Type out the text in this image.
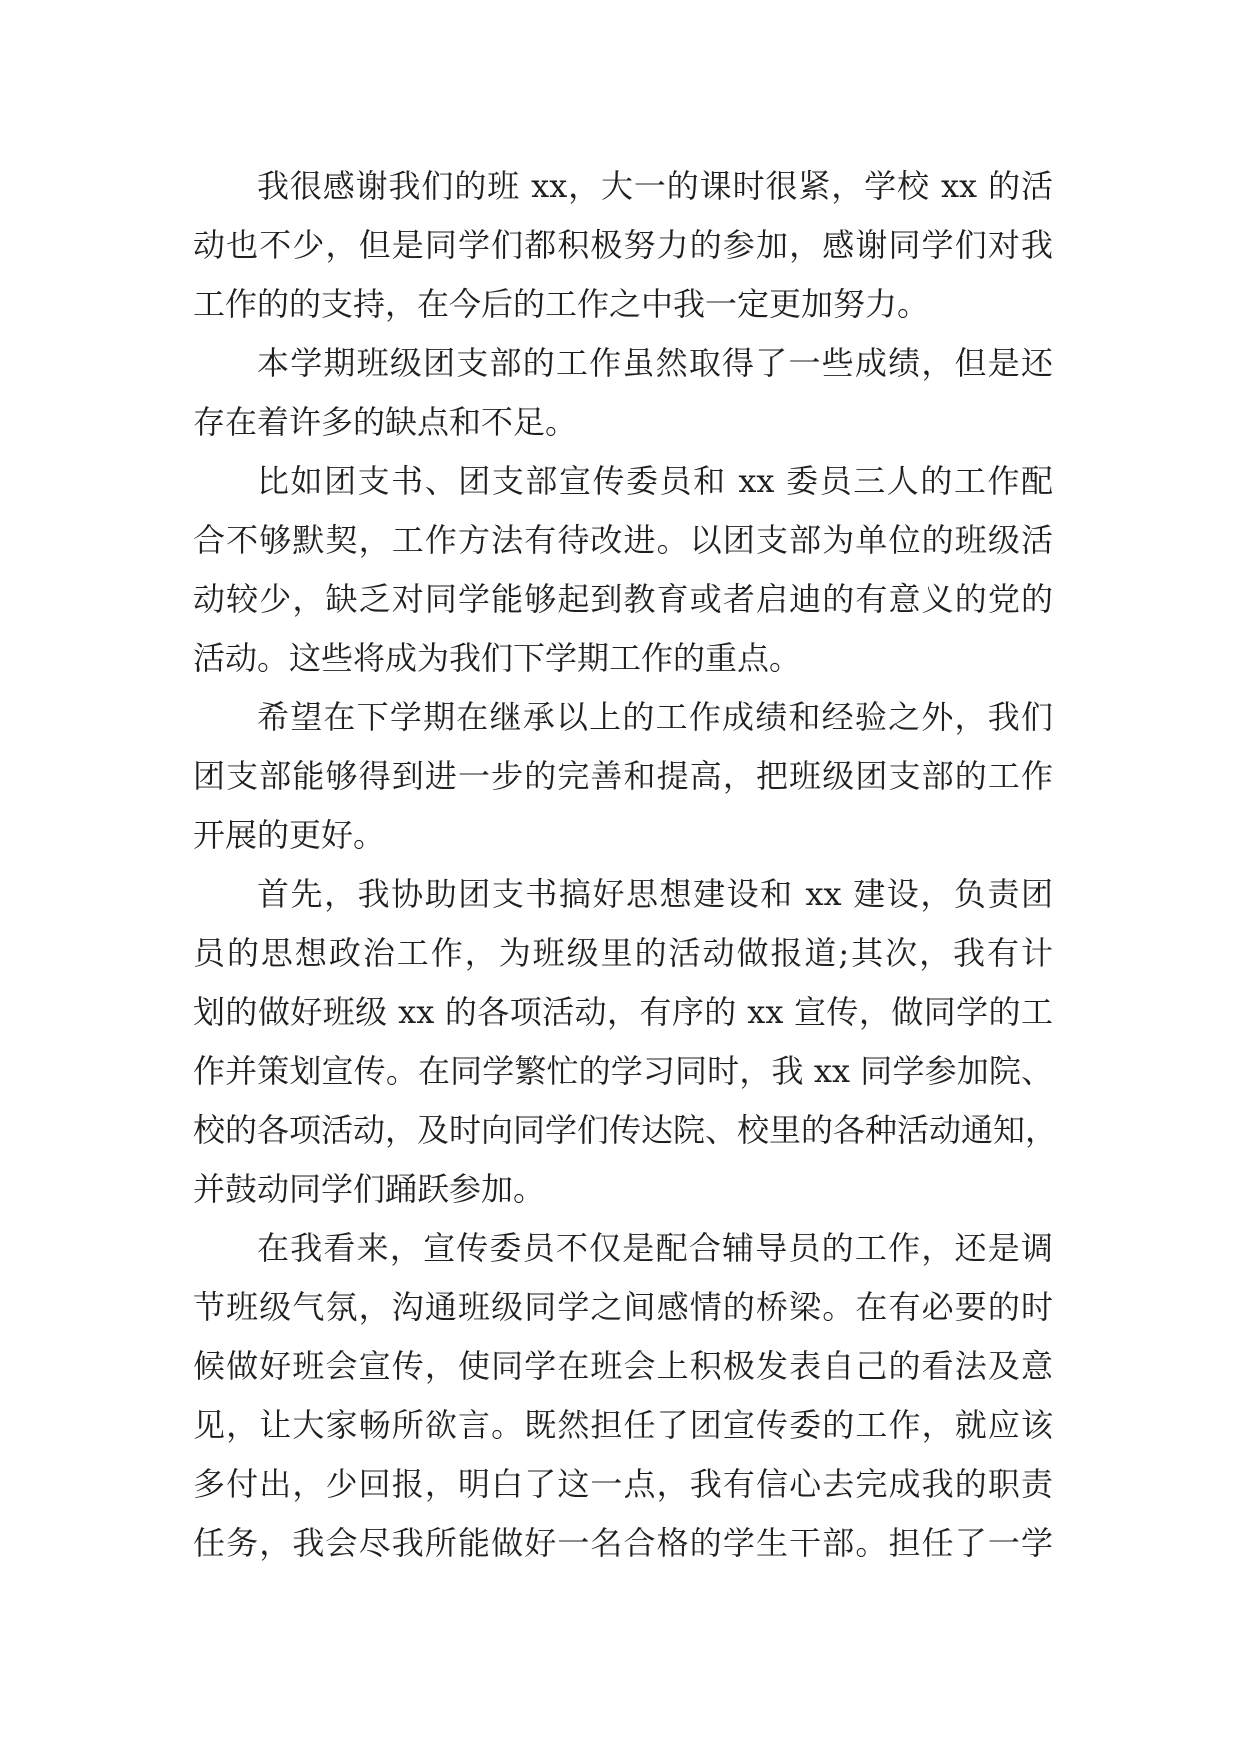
我很感谢我们的班 xx，大一的课时很紧，学校 xx 的活
动也不少，但是同学们都积极努力的参加，感谢同学们对我
工作的的支持，在今后的工作之中我一定更加努力。
本学期班级团支部的工作虽然取得了一些成绩，但是还
存在着许多的缺点和不足。
比如团支书、团支部宣传委员和 xx 委员三人的工作配
合不够默契，工作方法有待改进。以团支部为单位的班级活
动较少，缺乏对同学能够起到教育或者启迪的有意义的党的
活动。这些将成为我们下学期工作的重点。
希望在下学期在继承以上的工作成绩和经验之外，我们
团支部能够得到进一步的完善和提高，把班级团支部的工作
开展的更好。
首先，我协助团支书搞好思想建设和 xx 建设，负责团
员的思想政治工作，为班级里的活动做报道;其次，我有计
划的做好班级 xx 的各项活动，有序的 xx 宣传，做同学的工
作并策划宣传。在同学繁忙的学习同时，我 xx 同学参加院、
校的各项活动，及时向同学们传达院、校里的各种活动通知，
并鼓动同学们踊跃参加。
在我看来，宣传委员不仅是配合辅导员的工作，还是调
节班级气氛，沟通班级同学之间感情的桥梁。在有必要的时
候做好班会宣传，使同学在班会上积极发表自己的看法及意
见，让大家畅所欲言。既然担任了团宣传委的工作，就应该
多付出，少回报，明白了这一点，我有信心去完成我的职责
任务，我会尽我所能做好一名合格的学生干部。担任了一学
